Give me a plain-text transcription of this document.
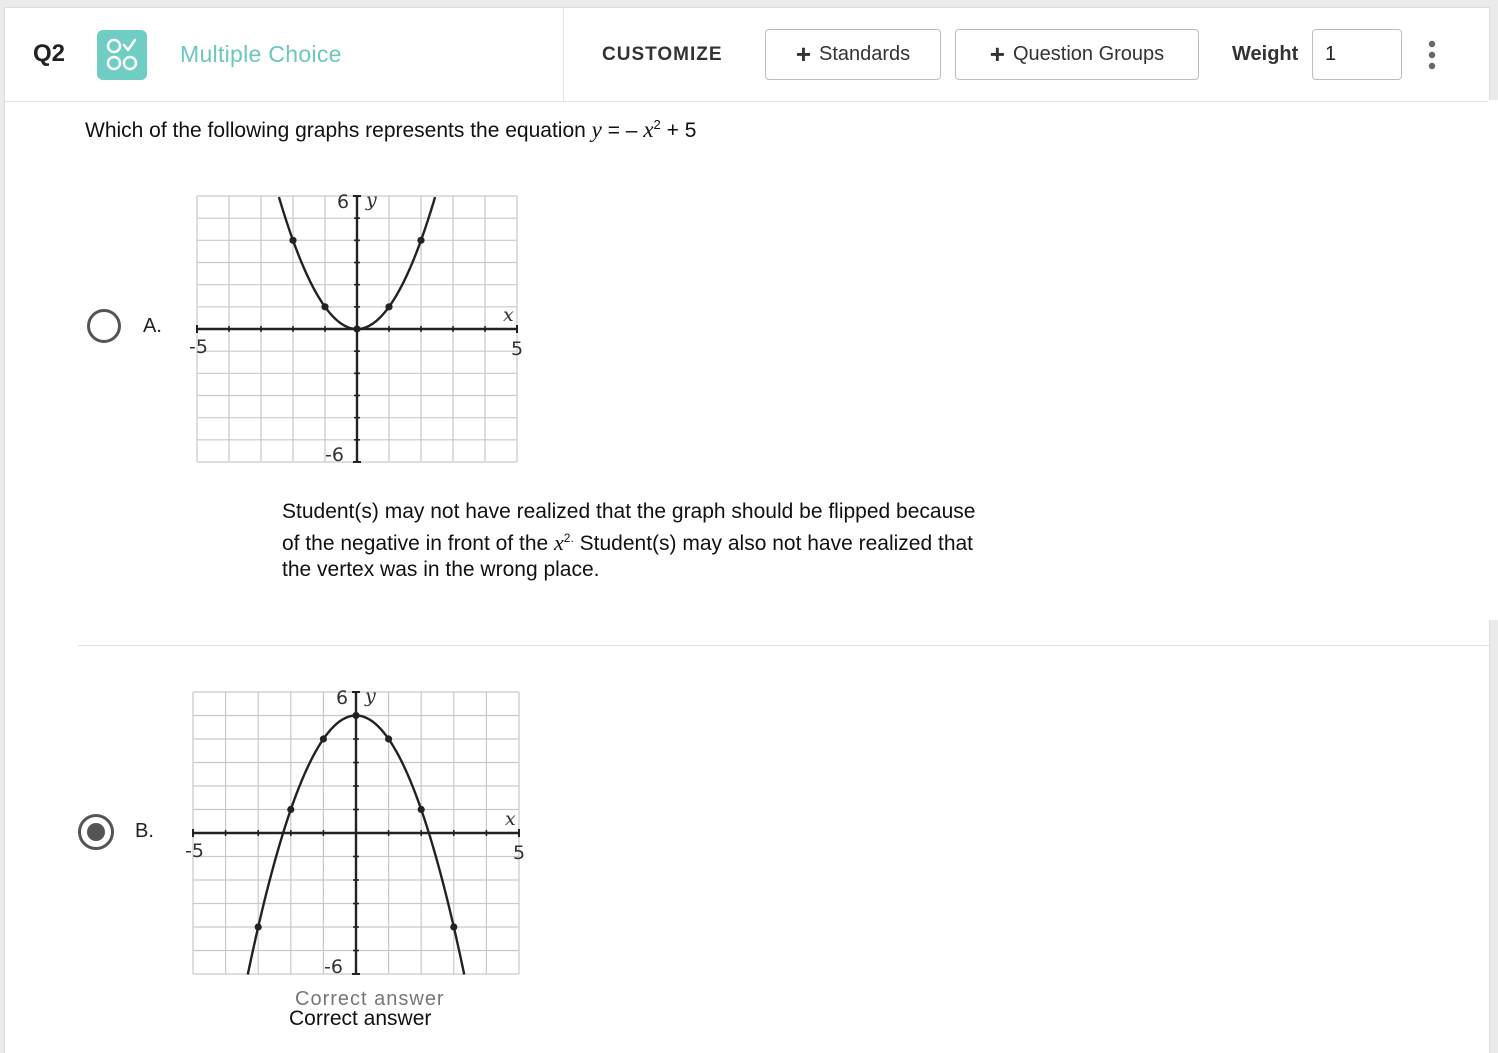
Q2	Multiple Choice	CUSTOMIZE	+ Standards	+ Question Groups	Weight
1
Which of the following graphs represents the equation y = – $x^2 + 5$
A.
-5	5
6
-6
x
y
Student(s) may not have realized that the graph should be flipped because of the negative in front of the $x^{2.}$ Student(s) may also not have realized that the vertex was in the wrong place.
B.
-5	5
6
-6
x
y
Correct answer
Correct answer
